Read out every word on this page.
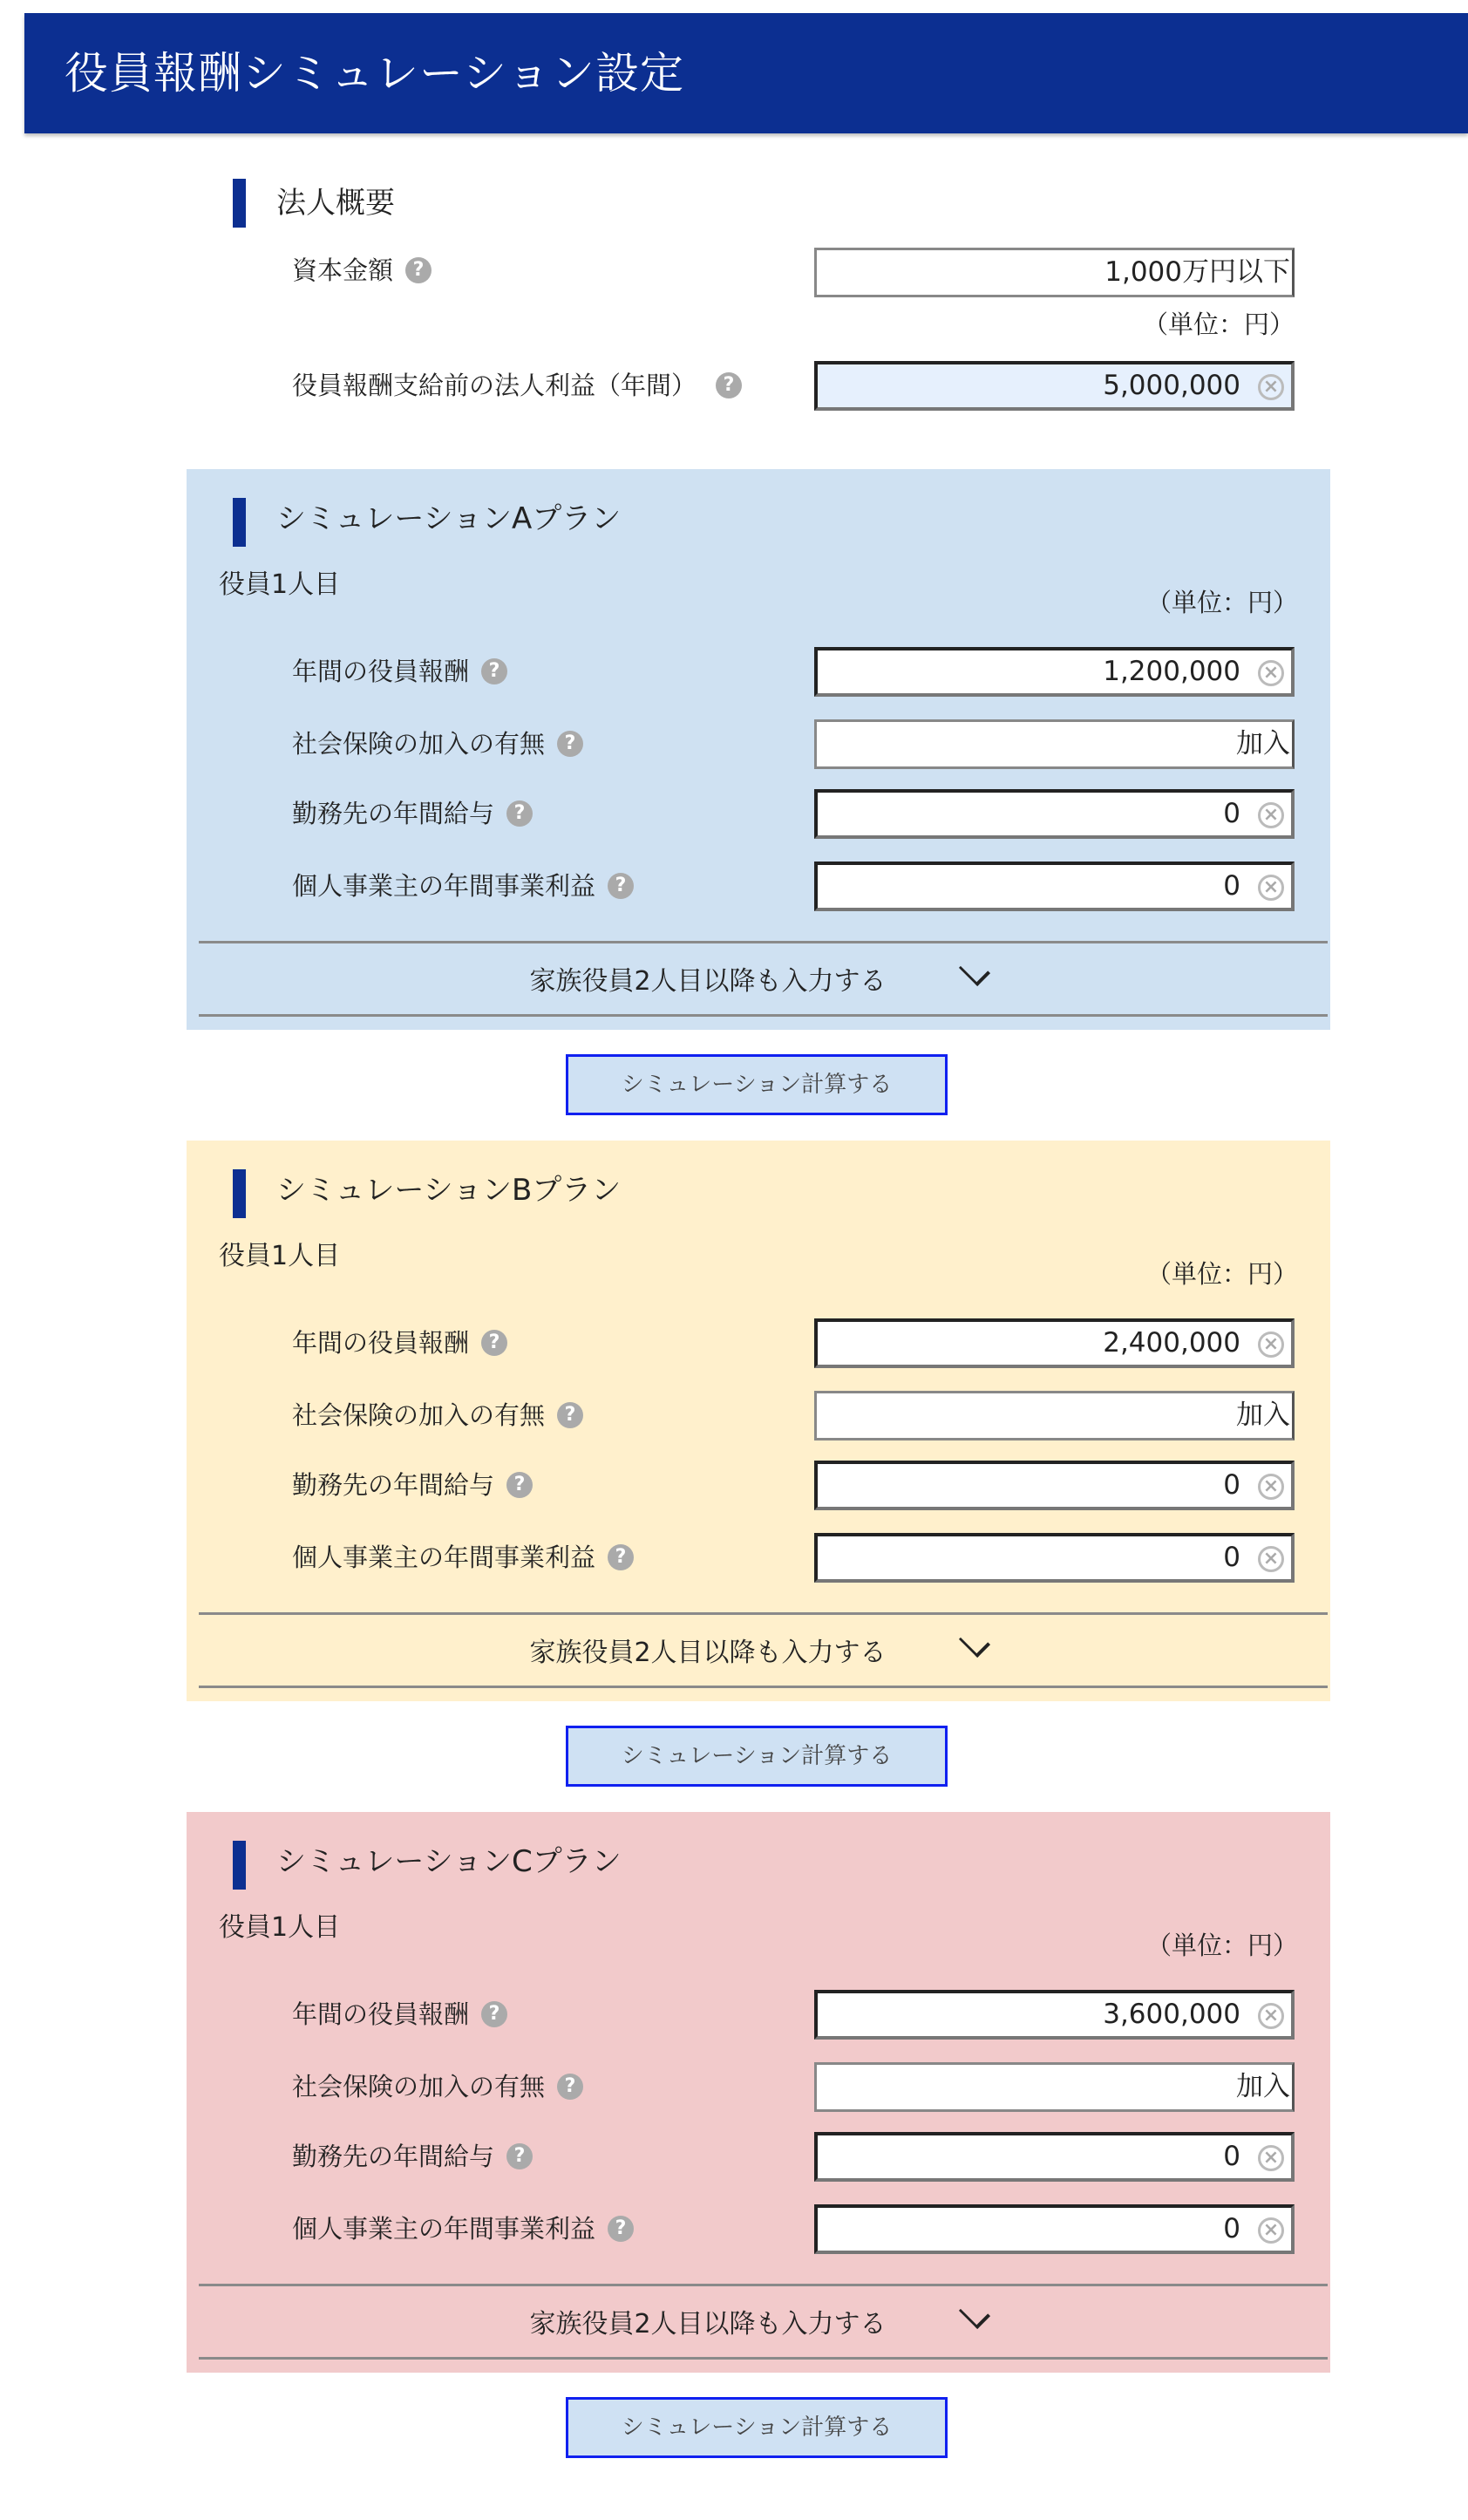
役員報酬シミュレーション設定
法人概要
資本金額	?	1,000万円以下
（単位：円）
役員報酬支給前の法人利益（年間）	?	5,000,000 ×
シミュレーションAプラン
役員1人目
（単位：円）
年間の役員報酬	?	1,200,000 ×
社会保険の加入の有無	?	加入
勤務先の年間給与	?	0 ×
個人事業主の年間事業利益	?	0 ×
家族役員2人目以降も入力する
シミュレーション計算する
シミュレーションBプラン
役員1人目
（単位：円）
年間の役員報酬	?	2,400,000 ×
社会保険の加入の有無	?	加入
勤務先の年間給与	?	0 ×
個人事業主の年間事業利益	?	0 ×
家族役員2人目以降も入力する
シミュレーション計算する
シミュレーションCプラン
役員1人目
（単位：円）
年間の役員報酬	?	3,600,000 ×
社会保険の加入の有無	?	加入
勤務先の年間給与	?	0 ×
個人事業主の年間事業利益	?	0 ×
家族役員2人目以降も入力する
シミュレーション計算する
